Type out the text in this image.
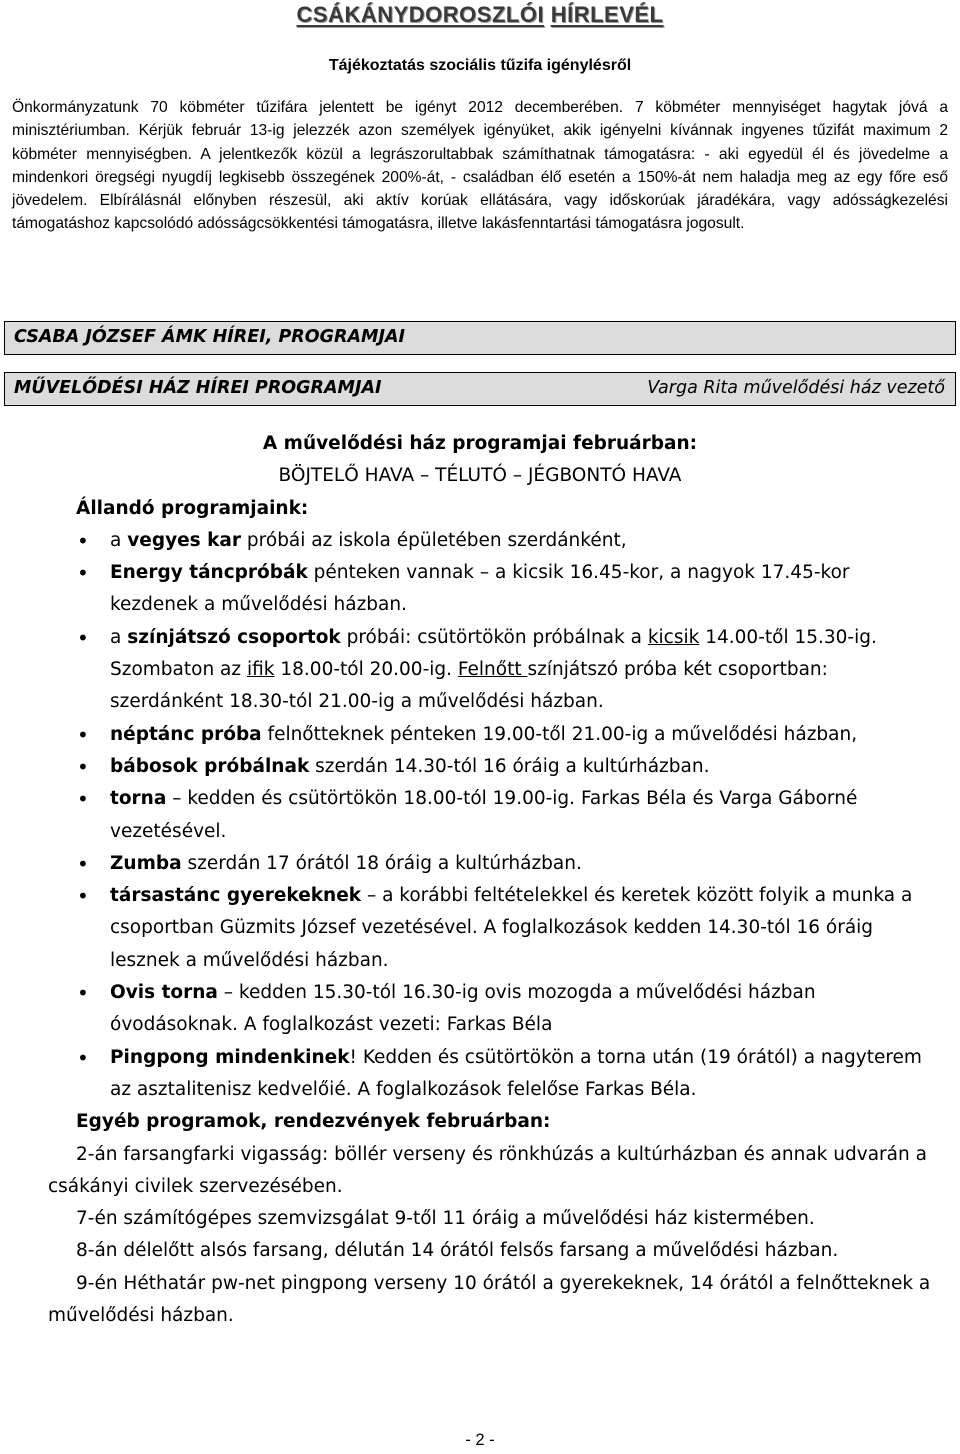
CSÁKÁNYDOROSZLÓI HÍRLEVÉL
Tájékoztatás szociális tűzifa igénylésről

Önkormányzatunk 70 köbméter tűzifára jelentett be igényt 2012 decemberében. 7 köbméter mennyiséget hagytak jóvá a minisztériumban. Kérjük február 13-ig jelezzék azon személyek igényüket, akik igényelni kívánnak ingyenes tűzifát maximum 2 köbméter mennyiségben. A jelentkezők közül a legrászorultabbak számíthatnak támogatásra: - aki egyedül él és jövedelme a mindenkori öregségi nyugdíj legkisebb összegének 200%-át, - családban élő esetén a 150%-át nem haladja meg az egy főre eső jövedelem. Elbírálásnál előnyben részesül, aki aktív korúak ellátására, vagy időskorúak járadékára, vagy adósságkezelési támogatáshoz kapcsolódó adósságcsökkentési támogatásra, illetve lakásfenntartási támogatásra jogosult.

CSABA JÓZSEF ÁMK HÍREI, PROGRAMJAI
MŰVELŐDÉSI HÁZ HÍREI PROGRAMJAI	Varga Rita művelődési ház vezető
A művelődési ház programjai februárban:
BÖJTELŐ HAVA – TÉLUTÓ – JÉGBONTÓ HAVA
Állandó programjaink:
• a vegyes kar próbái az iskola épületében szerdánként,
• Energy táncpróbák pénteken vannak – a kicsik 16.45-kor, a nagyok 17.45-kor kezdenek a művelődési házban.
• a színjátszó csoportok próbái: csütörtökön próbálnak a kicsik 14.00-től 15.30-ig. Szombaton az ifik 18.00-tól 20.00-ig. Felnőtt színjátszó próba két csoportban: szerdánként 18.30-tól 21.00-ig a művelődési házban.
• néptánc próba felnőtteknek pénteken 19.00-től 21.00-ig a művelődési házban,
• bábosok próbálnak szerdán 14.30-tól 16 óráig a kultúrházban.
• torna – kedden és csütörtökön 18.00-tól 19.00-ig. Farkas Béla és Varga Gáborné vezetésével.
• Zumba szerdán 17 órától 18 óráig a kultúrházban.
• társastánc gyerekeknek – a korábbi feltételekkel és keretek között folyik a munka a csoportban Güzmits József vezetésével. A foglalkozások kedden 14.30-tól 16 óráig lesznek a művelődési házban.
• Ovis torna – kedden 15.30-tól 16.30-ig ovis mozogda a művelődési házban óvodásoknak. A foglalkozást vezeti: Farkas Béla
• Pingpong mindenkinek! Kedden és csütörtökön a torna után (19 órától) a nagyterem az asztalitenisz kedvelőié. A foglalkozások felelőse Farkas Béla.
Egyéb programok, rendezvények februárban:
2-án farsangfarki vigasság: böllér verseny és rönkhúzás a kultúrházban és annak udvarán a csákányi civilek szervezésében.
7-én számítógépes szemvizsgálat 9-től 11 óráig a művelődési ház kistermében.
8-án délelőtt alsós farsang, délután 14 órától felsős farsang a művelődési házban.
9-én Héthatár pw-net pingpong verseny 10 órától a gyerekeknek, 14 órától a felnőtteknek a művelődési házban.
- 2 -
